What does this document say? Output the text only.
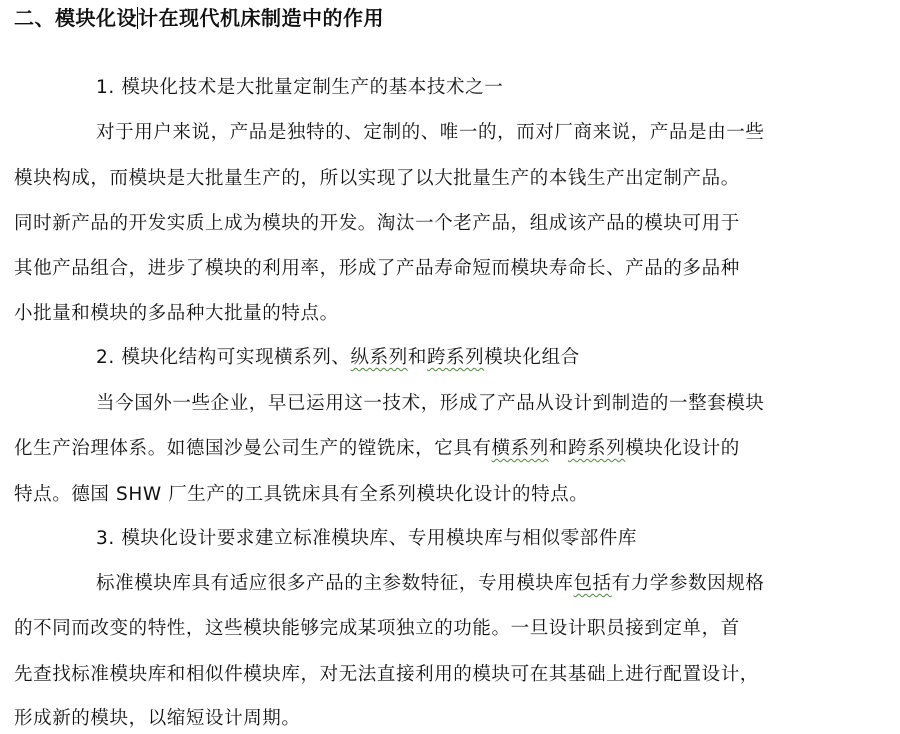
二、模块化设计在现代机床制造中的作用
1. 模块化技术是大批量定制生产的基本技术之一
对于用户来说，产品是独特的、定制的、唯一的，而对厂商来说，产品是由一些
模块构成，而模块是大批量生产的，所以实现了以大批量生产的本钱生产出定制产品。
同时新产品的开发实质上成为模块的开发。淘汰一个老产品，组成该产品的模块可用于
其他产品组合，进步了模块的利用率，形成了产品寿命短而模块寿命长、产品的多品种
小批量和模块的多品种大批量的特点。
2. 模块化结构可实现横系列、纵系列和跨系列模块化组合
当今国外一些企业，早已运用这一技术，形成了产品从设计到制造的一整套模块
化生产治理体系。如德国沙曼公司生产的镗铣床，它具有横系列和跨系列模块化设计的
特点。德国 SHW 厂生产的工具铣床具有全系列模块化设计的特点。
3. 模块化设计要求建立标准模块库、专用模块库与相似零部件库
标准模块库具有适应很多产品的主参数特征，专用模块库包括有力学参数因规格
的不同而改变的特性，这些模块能够完成某项独立的功能。一旦设计职员接到定单，首
先查找标准模块库和相似件模块库，对无法直接利用的模块可在其基础上进行配置设计，
形成新的模块，以缩短设计周期。
